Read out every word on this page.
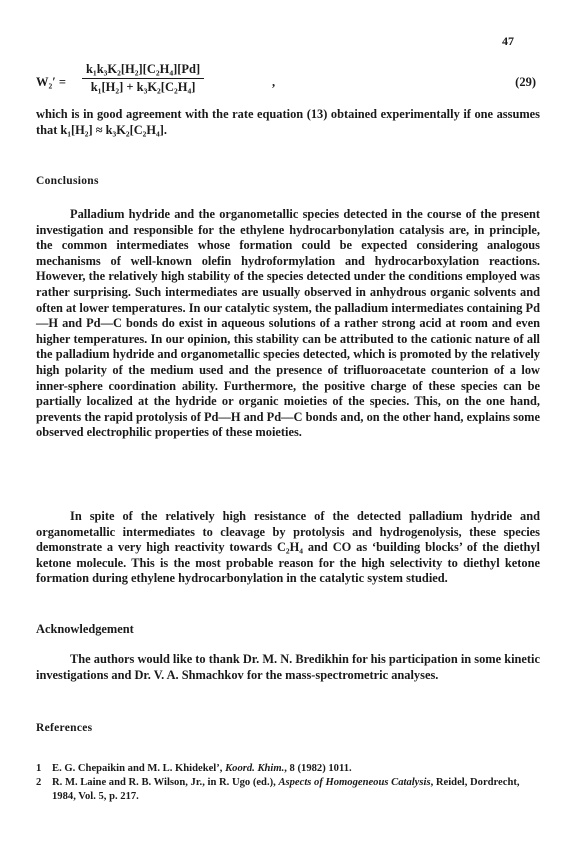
47
$W_2' = \frac{\text{k₁k₃K₂[H₂][C₂H₄][Pd]}}{\text{k₁[H₂] + k₃K₂[C₂H₄]}}$	,	(29)

which is in good agreement with the rate equation (13) obtained experimentally if one assumes that k₁[H₂] ≈ k₃K₂[C₂H₄].

Conclusions

Palladium hydride and the organometallic species detected in the course of the present investigation and responsible for the ethylene hydrocarbonylation catalysis are, in principle, the common intermediates whose formation could be expected considering analogous mechanisms of well-known olefin hydroformylation and hydrocarboxylation reactions. However, the relatively high stability of the species detected under the conditions employed was rather surprising. Such intermediates are usually observed in anhydrous organic solvents and often at lower temperatures. In our catalytic system, the palladium intermediates containing Pd—H and Pd—C bonds do exist in aqueous solutions of a rather strong acid at room and even higher temperatures. In our opinion, this stability can be attributed to the cationic nature of all the palladium hydride and organometallic species detected, which is promoted by the relatively high polarity of the medium used and the presence of trifluoroacetate counterion of a low inner-sphere coordination ability. Furthermore, the positive charge of these species can be partially localized at the hydride or organic moieties of the species. This, on the one hand, prevents the rapid protolysis of Pd—H and Pd—C bonds and, on the other hand, explains some observed electrophilic properties of these moieties.

In spite of the relatively high resistance of the detected palladium hydride and organometallic intermediates to cleavage by protolysis and hydrogenolysis, these species demonstrate a very high reactivity towards C₂H₄ and CO as ‘building blocks’ of the diethyl ketone molecule. This is the most probable reason for the high selectivity to diethyl ketone formation during ethylene hydrocarbonylation in the catalytic system studied.

Acknowledgement

The authors would like to thank Dr. M. N. Bredikhin for his participation in some kinetic investigations and Dr. V. A. Shmachkov for the mass-spectrometric analyses.

References
1 E. G. Chepaikin and M. L. Khidekel’, Koord. Khim., 8 (1982) 1011.
2 R. M. Laine and R. B. Wilson, Jr., in R. Ugo (ed.), Aspects of Homogeneous Catalysis, Reidel, Dordrecht, 1984, Vol. 5, p. 217.
